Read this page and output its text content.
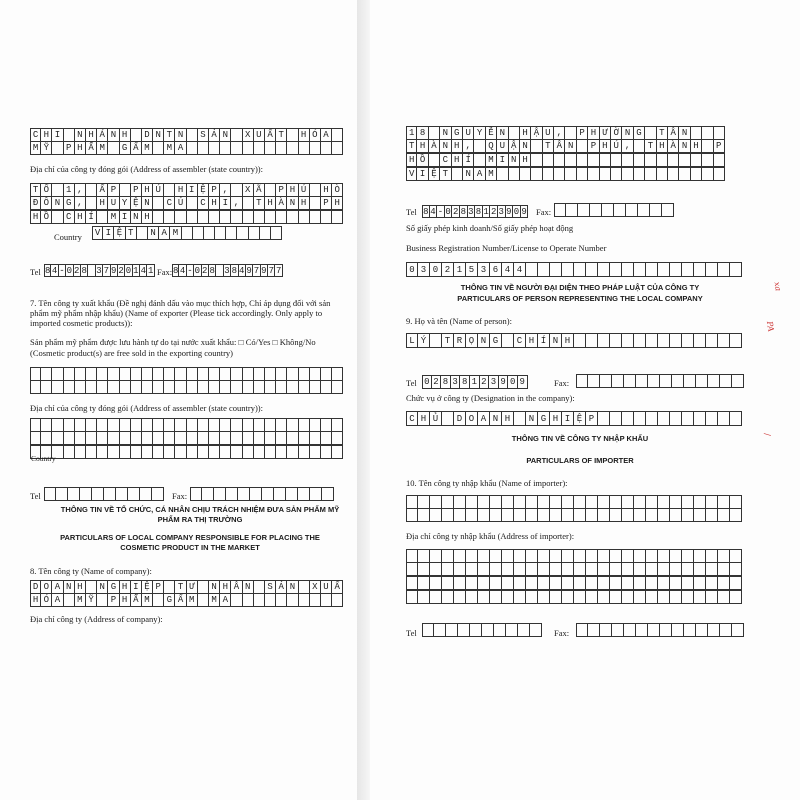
C H I N H Á N H D N T N S Ả N X U Ấ T H Ó A
M Ỹ P H Ẩ M G Ấ M M A
Địa chỉ của công ty đóng gói (Address of assembler (state country)):
T Ổ 1 , Ấ P P H Ú H I Ệ P , X Ã P H Ú H Ò
Đ Ô N G , H U Y Ệ N C Ủ C H I , T H À N H P H
H Ồ C H Í M I N H
Country V I Ệ T N A M
Tel 8 4 - 0 2 8 3 7 9 2 0 1 4 1 Fax: 8 4 - 0 2 8 3 8 4 9 7 9 7 7
7. Tên công ty xuất khẩu (Đề nghị đánh dấu vào mục thích hợp, Chỉ áp dụng đối với sản phẩm mỹ phẩm nhập khẩu) (Name of exporter (Please tick accordingly. Only apply to imported cosmetic products)):
Sản phẩm mỹ phẩm được lưu hành tự do tại nước xuất khẩu: □ Có/Yes □ Không/No
(Cosmetic product(s) are free sold in the exporting country)
Địa chỉ của công ty đóng gói (Address of assembler (state country)):
Country
Tel	Fax:
THÔNG TIN VỀ TỔ CHỨC, CÁ NHÂN CHỊU TRÁCH NHIỆM ĐƯA SẢN PHẨM MỸ PHẨM RA THỊ TRƯỜNG
PARTICULARS OF LOCAL COMPANY RESPONSIBLE FOR PLACING THE COSMETIC PRODUCT IN THE MARKET
8. Tên công ty (Name of company):
D O A N H N G H I Ệ P T Ư N H Â N S Ả N X U Ấ
H Ó A M Ỹ P H Ẩ M G Ấ M M A
Địa chỉ công ty (Address of company):
1 8 N G U Y Ễ N H Ậ U , P H Ư Ờ N G T Â N
T H À N H , Q U Ậ N T Â N P H Ú , T H À N H P
H Ồ C H Í M I N H
V I Ệ T N A M
Tel 8 4 - 0 2 8 3 8 1 2 3 9 0 9 Fax:
Số giấy phép kinh doanh/Số giấy phép hoạt động
Business Registration Number/License to Operate Number
0 3 0 2 1 5 3 6 4 4
THÔNG TIN VỀ NGƯỜI ĐẠI DIỆN THEO PHÁP LUẬT CỦA CÔNG TY
PARTICULARS OF PERSON REPRESENTING THE LOCAL COMPANY
9. Họ và tên (Name of person):
L Ý T R Ọ N G C H Í N H
Tel 0 2 8 3 8 1 2 3 9 0 9	Fax:
Chức vụ ở công ty (Designation in the company):
C H Ủ D O A N H N G H I Ệ P
THÔNG TIN VỀ CÔNG TY NHẬP KHẨU
PARTICULARS OF IMPORTER
10. Tên công ty nhập khẩu (Name of importer):
Địa chỉ công ty nhập khẩu (Address of importer):
Tel	Fax:
xa
PA
/
